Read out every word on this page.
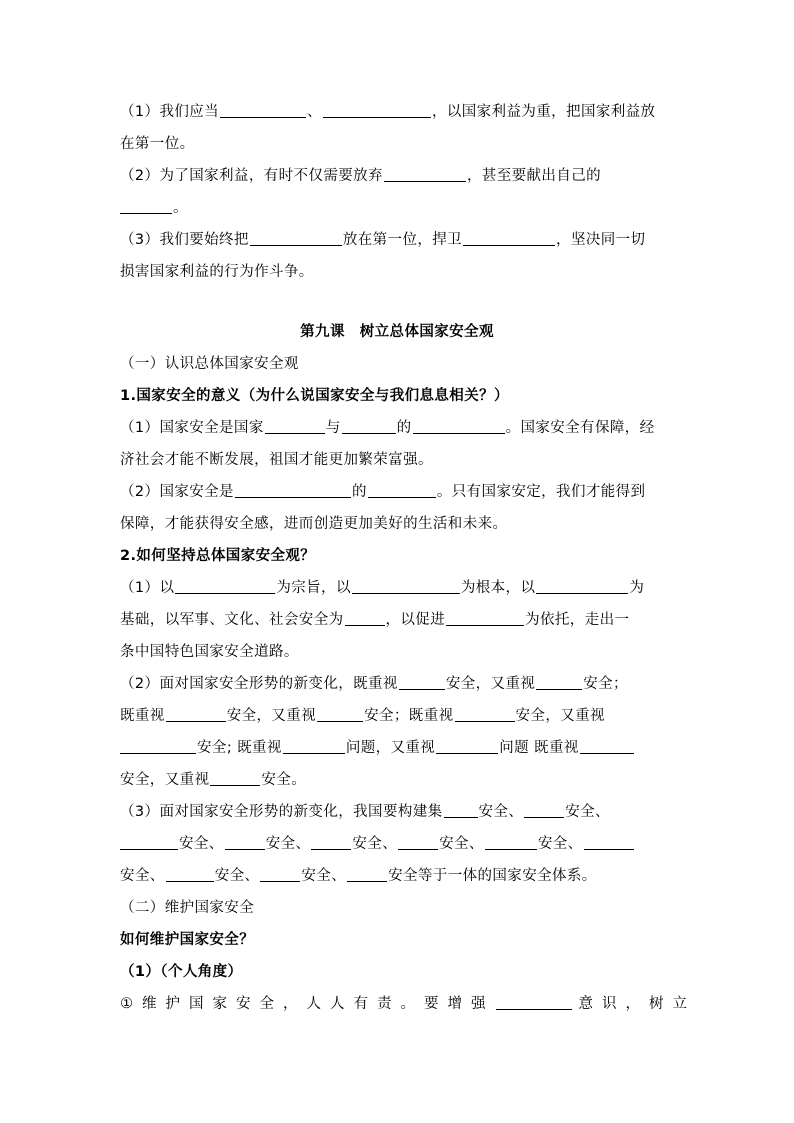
（1）我们应当	、	，以国家利益为重，把国家利益放
在第一位。
（2）为了国家利益，有时不仅需要放弃	，甚至要献出自己的
。
（3）我们要始终把	放在第一位，捍卫	，坚决同一切
损害国家利益的行为作斗争。
第九课　树立总体国家安全观
（一）认识总体国家安全观
1.国家安全的意义（为什么说国家安全与我们息息相关？）
（1）国家安全是国家	与	的	。国家安全有保障，经
济社会才能不断发展，祖国才能更加繁荣富强。
（2）国家安全是	的	。只有国家安定，我们才能得到
保障，才能获得安全感，进而创造更加美好的生活和未来。
2.如何坚持总体国家安全观？
（1）以	为宗旨，以	为根本，以	为
基础，以军事、文化、社会安全为	，以促进	为依托，走出一
条中国特色国家安全道路。
（2）面对国家安全形势的新变化，既重视	安全，又重视	安全；
既重视	安全，又重视	安全；既重视	安全，又重视
安全; 既重视	问题，又重视	问题 既重视
安全，又重视	安全。
（3）面对国家安全形势的新变化，我国要构建集 安全、	安全、
安全、	安全、	安全、	安全、	安全、
安全、	安全、	安全、	安全等于一体的国家安全体系。
（二）维护国家安全
如何维护国家安全？
（1）（个人角度）
①维护国家安全，人人有责。要增强	意识，树立
